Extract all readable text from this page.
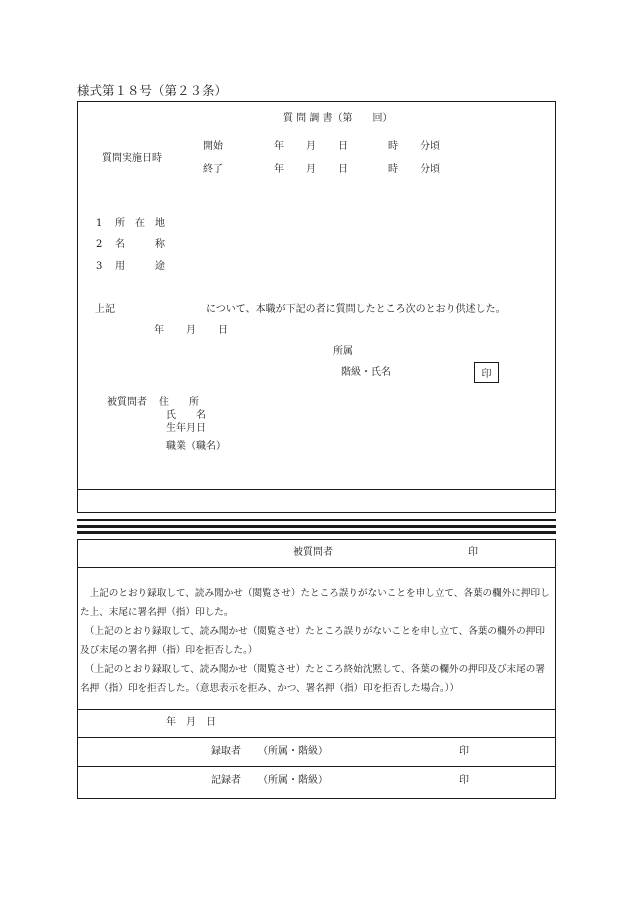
様式第１８号（第２３条）
質 問 調 書（第　　回）
質問実施日時
開始	年 月 日	時 分頃
終了	年 月 日	時 分頃
1 所　在　地
2 名　　　称
3 用　　　途
上記	について、本職が下記の者に質問したところ次のとおり供述した。
年 月 日
所属
階級・氏名	印
被質問者 住　　所
氏　　名
生年月日
職業（職名）
被質問者	印

上記のとおり録取して、読み聞かせ（閲覧させ）たところ誤りがないことを申し立て、各葉の欄外に押印した上、末尾に署名押（指）印した。

（上記のとおり録取して、読み聞かせ（閲覧させ）たところ誤りがないことを申し立て、各葉の欄外の押印及び末尾の署名押（指）印を拒否した。）

（上記のとおり録取して、読み聞かせ（閲覧させ）たところ終始沈黙して、各葉の欄外の押印及び末尾の署名押（指）印を拒否した。（意思表示を拒み、かつ、署名押（指）印を拒否した場合。））

年 月 日
録取者 （所属・階級）	印
記録者 （所属・階級）	印
